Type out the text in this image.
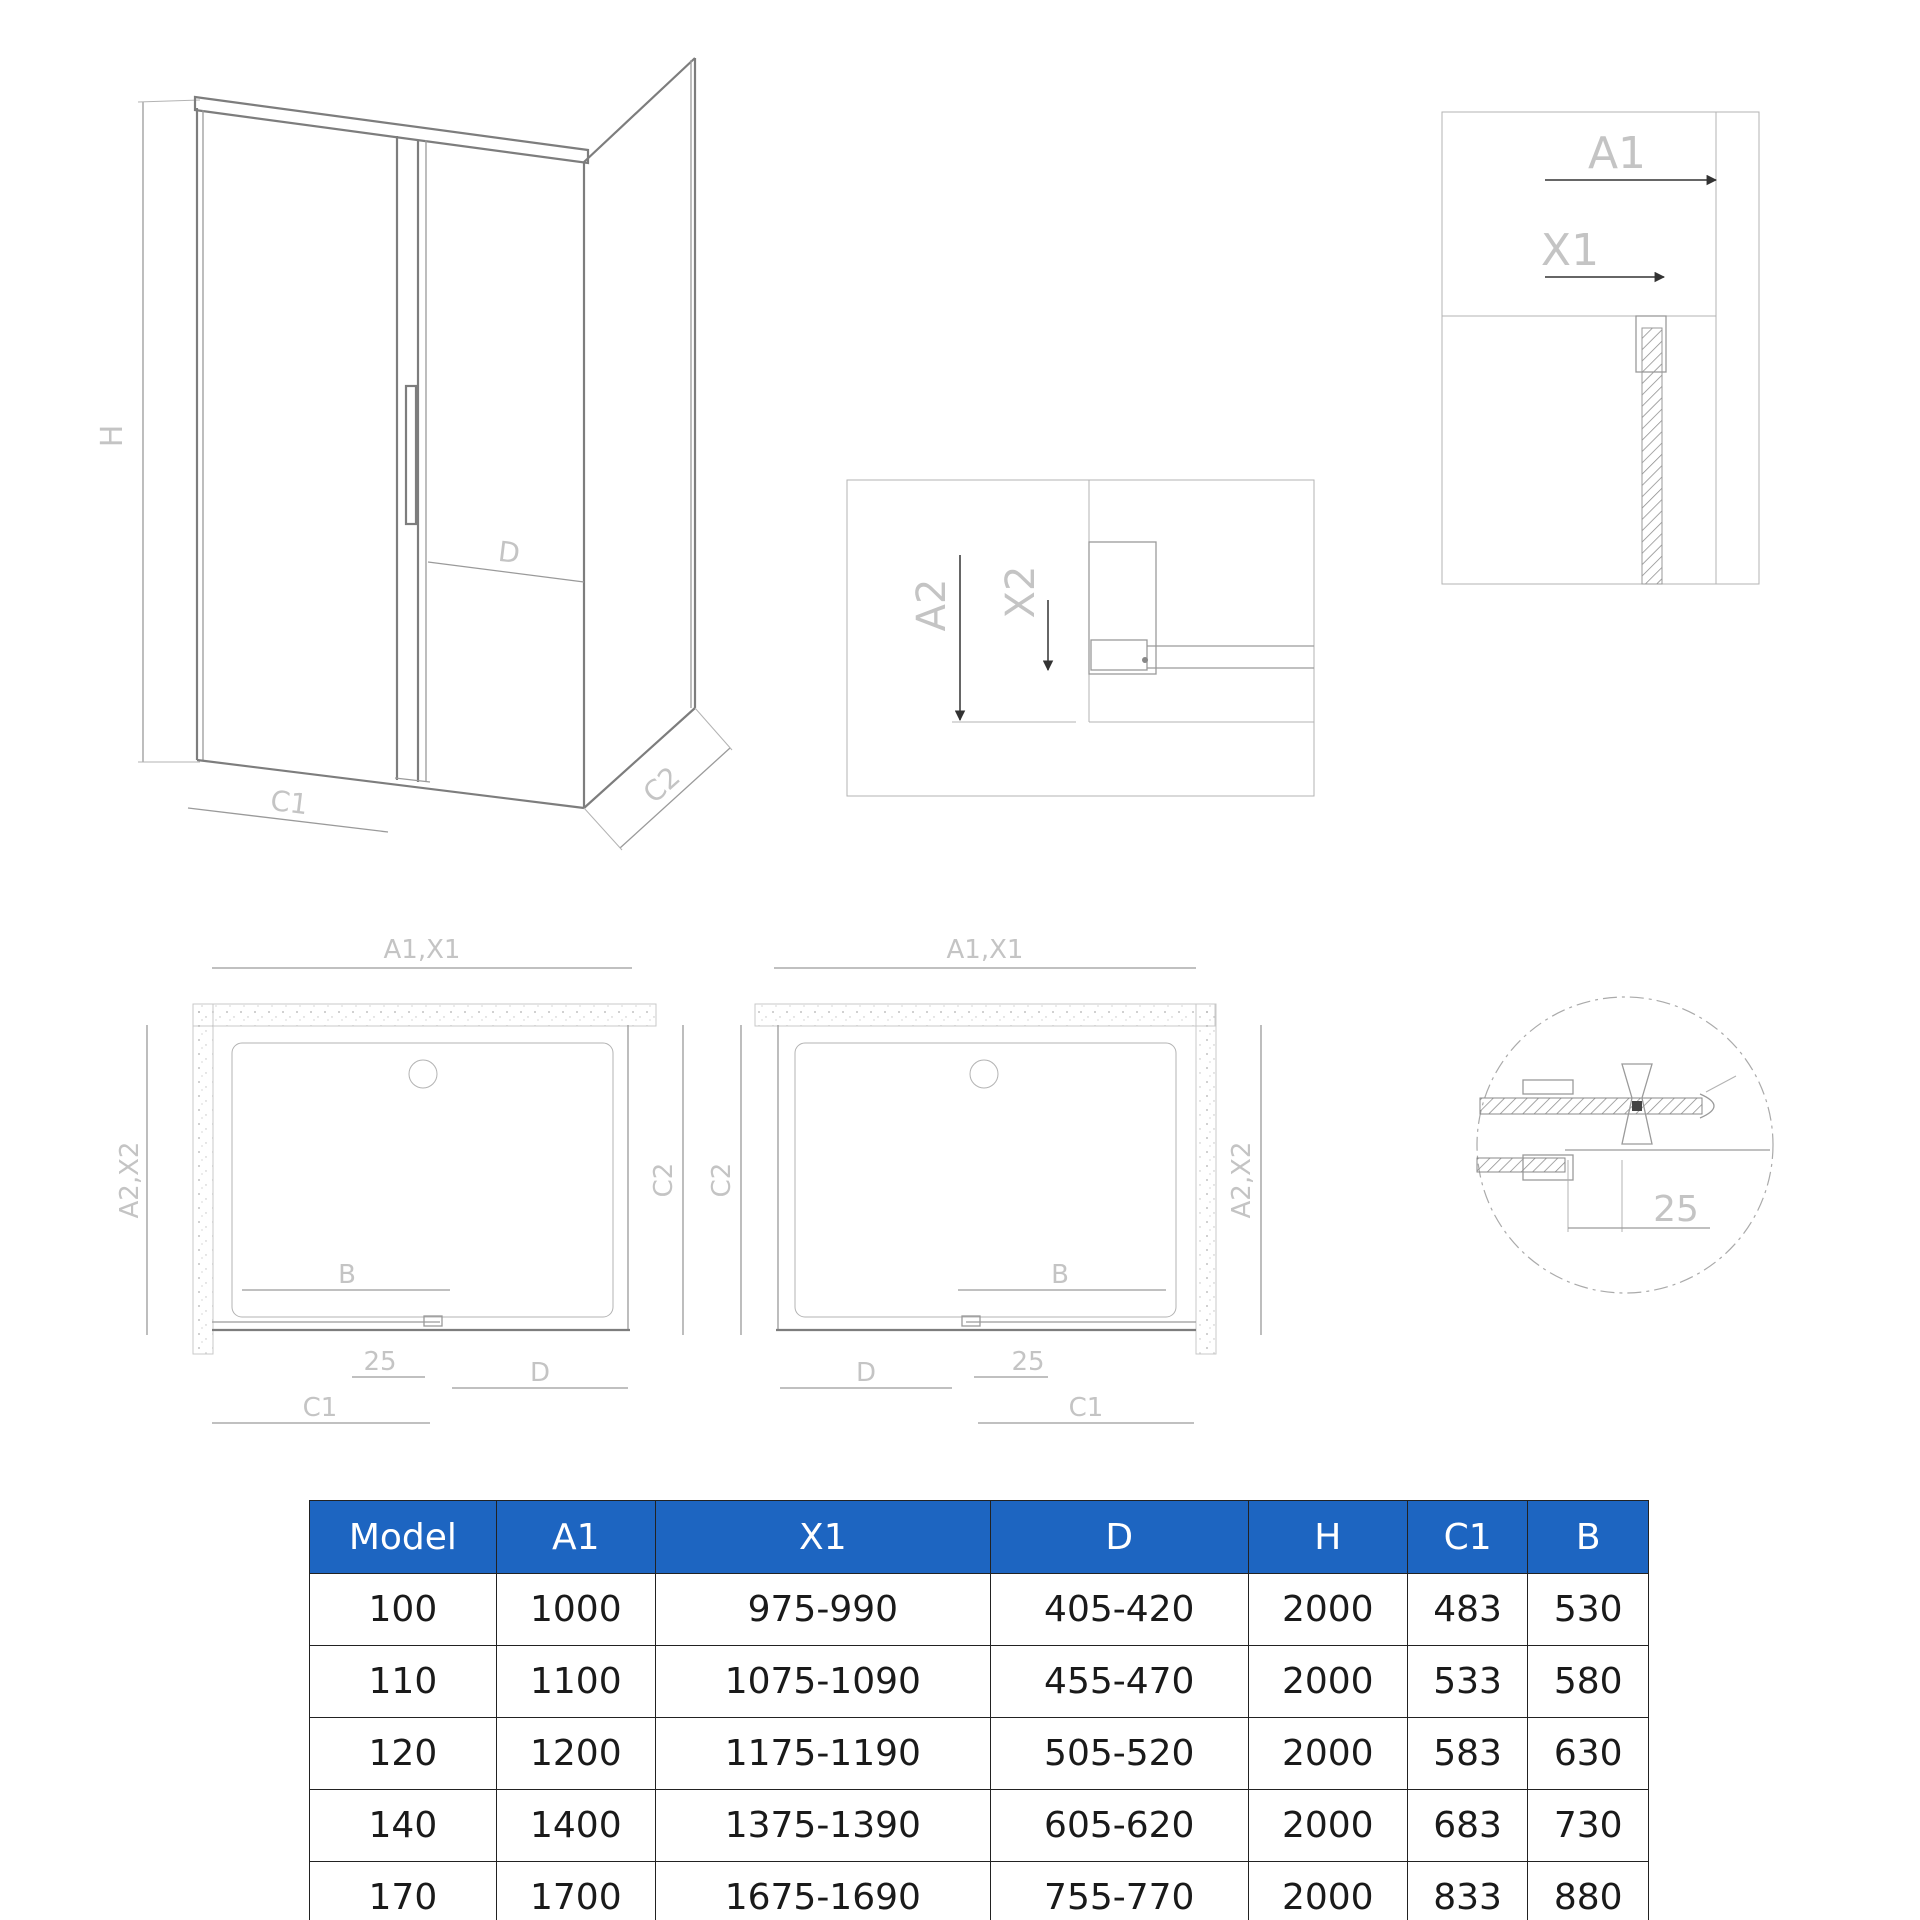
H
D
C1	C2
A2 X2
A1
X1
A1,X1
A2,X2	C2
B
25	D
C1
A1,X1
C2	A2,X2
B
25
D
C1
25
Model	A1	X1	D	H	C1	B
100	1000	975-990	405-420	2000	483	530
110	1100	1075-1090	455-470	2000	533	580
120	1200	1175-1190	505-520	2000	583	630
140	1400	1375-1390	605-620	2000	683	730
170	1700	1675-1690	755-770	2000	833	880
